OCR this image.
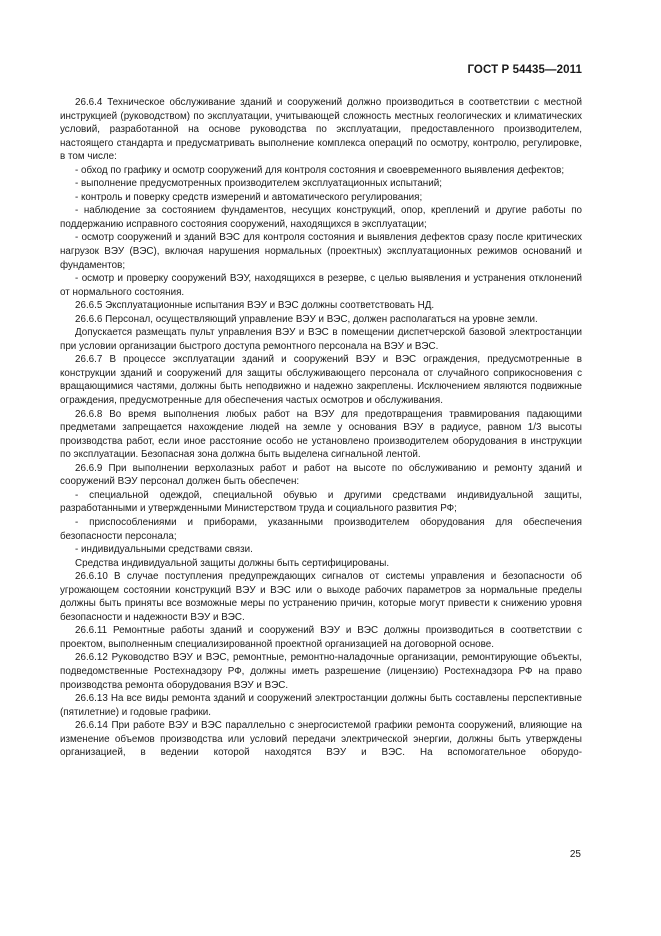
ГОСТ Р 54435—2011

26.6.4 Техническое обслуживание зданий и сооружений должно производиться в соответствии с местной инструкцией (руководством) по эксплуатации, учитывающей сложность местных геологических и климатических условий, разработанной на основе руководства по эксплуатации, предоставленного производителем, настоящего стандарта и предусматривать выполнение комплекса операций по осмотру, контролю, регулировке, в том числе:

- обход по графику и осмотр сооружений для контроля состояния и своевременного выявления дефектов;

- выполнение предусмотренных производителем эксплуатационных испытаний;

- контроль и поверку средств измерений и автоматического регулирования;

- наблюдение за состоянием фундаментов, несущих конструкций, опор, креплений и другие работы по поддержанию исправного состояния сооружений, находящихся в эксплуатации;

- осмотр сооружений и зданий ВЭС для контроля состояния и выявления дефектов сразу после критических нагрузок ВЭУ (ВЭС), включая нарушения нормальных (проектных) эксплуатационных режимов оснований и фундаментов;

- осмотр и проверку сооружений ВЭУ, находящихся в резерве, с целью выявления и устранения отклонений от нормального состояния.

26.6.5 Эксплуатационные испытания ВЭУ и ВЭС должны соответствовать НД.

26.6.6 Персонал, осуществляющий управление ВЭУ и ВЭС, должен располагаться на уровне земли.

Допускается размещать пульт управления ВЭУ и ВЭС в помещении диспетчерской базовой электростанции при условии организации быстрого доступа ремонтного персонала на ВЭУ и ВЭС.

26.6.7 В процессе эксплуатации зданий и сооружений ВЭУ и ВЭС ограждения, предусмотренные в конструкции зданий и сооружений для защиты обслуживающего персонала от случайного соприкосновения с вращающимися частями, должны быть неподвижно и надежно закреплены. Исключением являются подвижные ограждения, предусмотренные для обеспечения частых осмотров и обслуживания.

26.6.8 Во время выполнения любых работ на ВЭУ для предотвращения травмирования падающими предметами запрещается нахождение людей на земле у основания ВЭУ в радиусе, равном 1/3 высоты производства работ, если иное расстояние особо не установлено производителем оборудования в инструкции по эксплуатации. Безопасная зона должна быть выделена сигнальной лентой.

26.6.9 При выполнении верхолазных работ и работ на высоте по обслуживанию и ремонту зданий и сооружений ВЭУ персонал должен быть обеспечен:

- специальной одеждой, специальной обувью и другими средствами индивидуальной защиты, разработанными и утвержденными Министерством труда и социального развития РФ;

- приспособлениями и приборами, указанными производителем оборудования для обеспечения безопасности персонала;

- индивидуальными средствами связи.

Средства индивидуальной защиты должны быть сертифицированы.

26.6.10 В случае поступления предупреждающих сигналов от системы управления и безопасности об угрожающем состоянии конструкций ВЭУ и ВЭС или о выходе рабочих параметров за нормальные пределы должны быть приняты все возможные меры по устранению причин, которые могут привести к снижению уровня безопасности и надежности ВЭУ и ВЭС.

26.6.11 Ремонтные работы зданий и сооружений ВЭУ и ВЭС должны производиться в соответствии с проектом, выполненным специализированной проектной организацией на договорной основе.

26.6.12 Руководство ВЭУ и ВЭС, ремонтные, ремонтно-наладочные организации, ремонтирующие объекты, подведомственные Ростехнадзору РФ, должны иметь разрешение (лицензию) Ростехнадзора РФ на право производства ремонта оборудования ВЭУ и ВЭС.

26.6.13 На все виды ремонта зданий и сооружений электростанции должны быть составлены перспективные (пятилетние) и годовые графики.

26.6.14 При работе ВЭУ и ВЭС параллельно с энергосистемой графики ремонта сооружений, влияющие на изменение объемов производства или условий передачи электрической энергии, должны быть утверждены организацией, в ведении которой находятся ВЭУ и ВЭС. На вспомогательное оборудо-

25
